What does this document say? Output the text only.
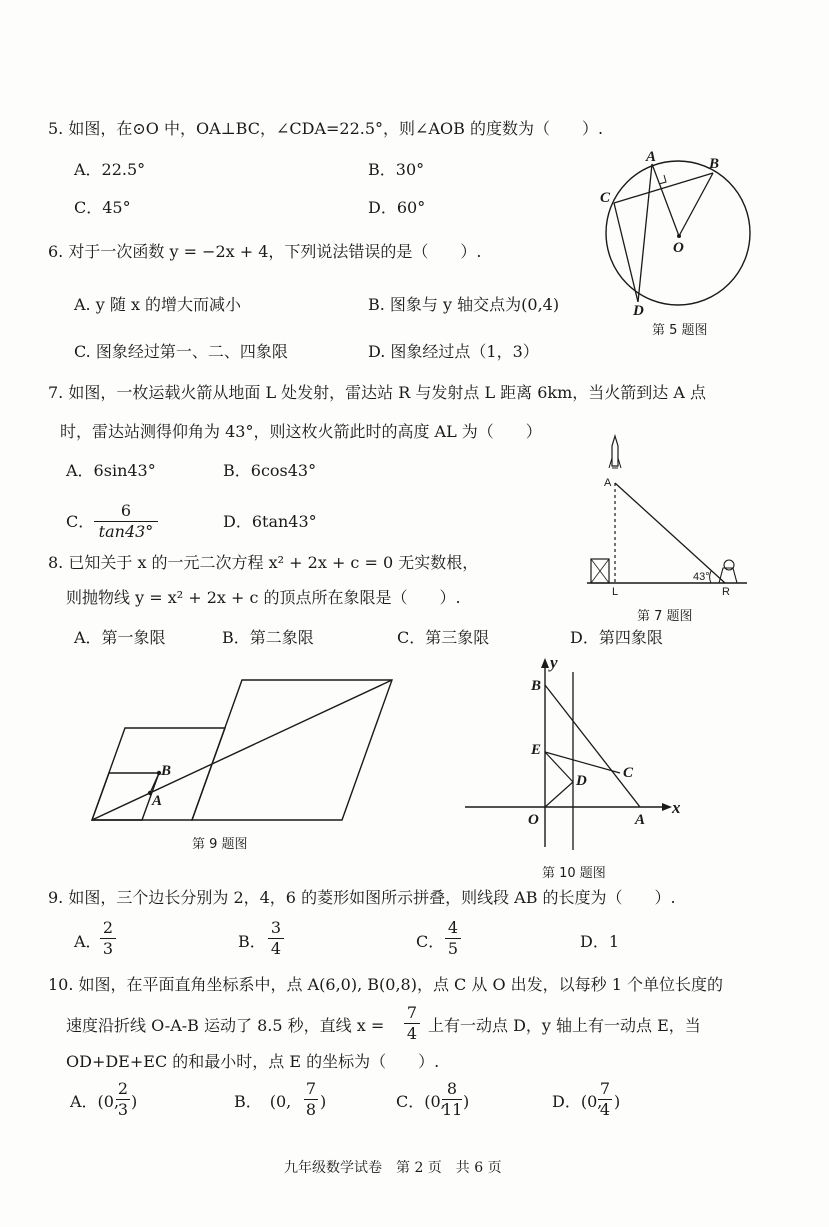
5. 如图，在⊙O 中，OA⊥BC，∠CDA=22.5°，则∠AOB 的度数为（　　）.
A．22.5°	B．30°
C．45°	D．60°
A	B
C
O
D
第 5 题图
6. 对于一次函数 y = −2x + 4，下列说法错误的是（　　）.
A. y 随 x 的增大而减小	B. 图象与 y 轴交点为(0,4)
C. 图象经过第一、二、四象限	D. 图象经过点（1，3）
7. 如图，一枚运载火箭从地面 L 处发射，雷达站 R 与发射点 L 距离 6km，当火箭到达 A 点
时，雷达站测得仰角为 43°，则这枚火箭此时的高度 AL 为（　　）
A．6sin43°	B．6cos43°
C．
6
tan43°
D．6tan43°
43°
A
L	R
第 7 题图
8. 已知关于 x 的一元二次方程 x² + 2x + c = 0 无实数根，
则抛物线 y = x² + 2x + c 的顶点所在象限是（　　）.
A．第一象限	B．第二象限	C．第三象限	D．第四象限
B
A
第 9 题图
y
B
E
D C
O	A
x
第 10 题图
9. 如图，三个边长分别为 2，4，6 的菱形如图所示拼叠，则线段 AB 的长度为（　　）.
A．
2
3	B．
3
4	C．
4
5	D．1
10. 如图，在平面直角坐标系中，点 A(6,0), B(0,8)，点 C 从 O 出发，以每秒 1 个单位长度的
速度沿折线 O-A-B 运动了 8.5 秒，直线 x =
7
4 上有一动点 D，y 轴上有一动点 E，当
OD+DE+EC 的和最小时，点 E 的坐标为（　　）.
A．(0,
2
3 )	B．　(0,
7
8 )	C．(0,
8
11 )	D．(0,
7
4 )
九年级数学试卷　第 2 页　共 6 页
